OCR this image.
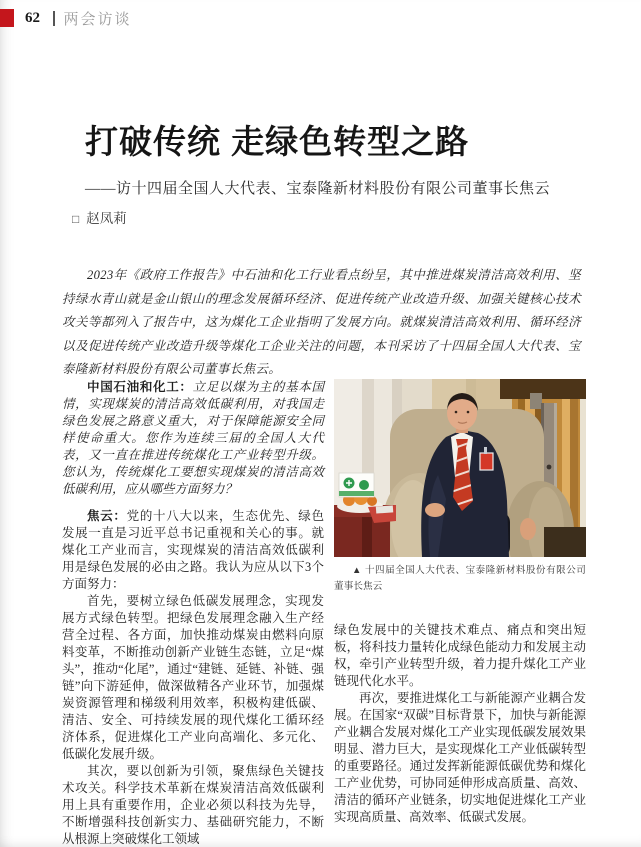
62 两会访谈
打破传统 走绿色转型之路
——访十四届全国人大代表、宝泰隆新材料股份有限公司董事长焦云
□ 赵凤莉

2023年《政府工作报告》中石油和化工行业看点纷呈，其中推进煤炭清洁高效利用、坚持绿水青山就是金山银山的理念发展循环经济、促进传统产业改造升级、加强关键核心技术攻关等都列入了报告中，这为煤化工企业指明了发展方向。就煤炭清洁高效利用、循环经济以及促进传统产业改造升级等煤化工企业关注的问题，本刊采访了十四届全国人大代表、宝泰隆新材料股份有限公司董事长焦云。

中国石油和化工：立足以煤为主的基本国情，实现煤炭的清洁高效低碳利用，对我国走绿色发展之路意义重大，对于保障能源安全同样使命重大。您作为连续三届的全国人大代表，又一直在推进传统煤化工产业转型升级。您认为，传统煤化工要想实现煤炭的清洁高效低碳利用，应从哪些方面努力？

焦云：党的十八大以来，生态优先、绿色发展一直是习近平总书记重视和关心的事。就煤化工产业而言，实现煤炭的清洁高效低碳利用是绿色发展的必由之路。我认为应从以下3个方面努力：

首先，要树立绿色低碳发展理念，实现发展方式绿色转型。把绿色发展理念融入生产经营全过程、各方面，加快推动煤炭由燃料向原料变革，不断推动创新产业链生态链，立足“煤头”，推动“化尾”，通过“建链、延链、补链、强链”向下游延伸，做深做精各产业环节，加强煤炭资源管理和梯级利用效率，积极构建低碳、清洁、安全、可持续发展的现代煤化工循环经济体系，促进煤化工产业向高端化、多元化、低碳化发展升级。

其次，要以创新为引领，聚焦绿色关键技术攻关。科学技术革新在煤炭清洁高效低碳利用上具有重要作用，企业必须以科技为先导，不断增强科技创新实力、基础研究能力，不断从根源上突破煤化工领域

▲ 十四届全国人大代表、宝泰隆新材料股份有限公司董事长焦云

绿色发展中的关键技术难点、痛点和突出短板，将科技力量转化成绿色能动力和发展主动权，牵引产业转型升级，着力提升煤化工产业链现代化水平。

再次，要推进煤化工与新能源产业耦合发展。在国家“双碳”目标背景下，加快与新能源产业耦合发展对煤化工产业实现低碳发展效果明显、潜力巨大，是实现煤化工产业低碳转型的重要路径。通过发挥新能源低碳优势和煤化工产业优势，可协同延伸形成高质量、高效、清洁的循环产业链条，切实地促进煤化工产业实现高质量、高效率、低碳式发展。
